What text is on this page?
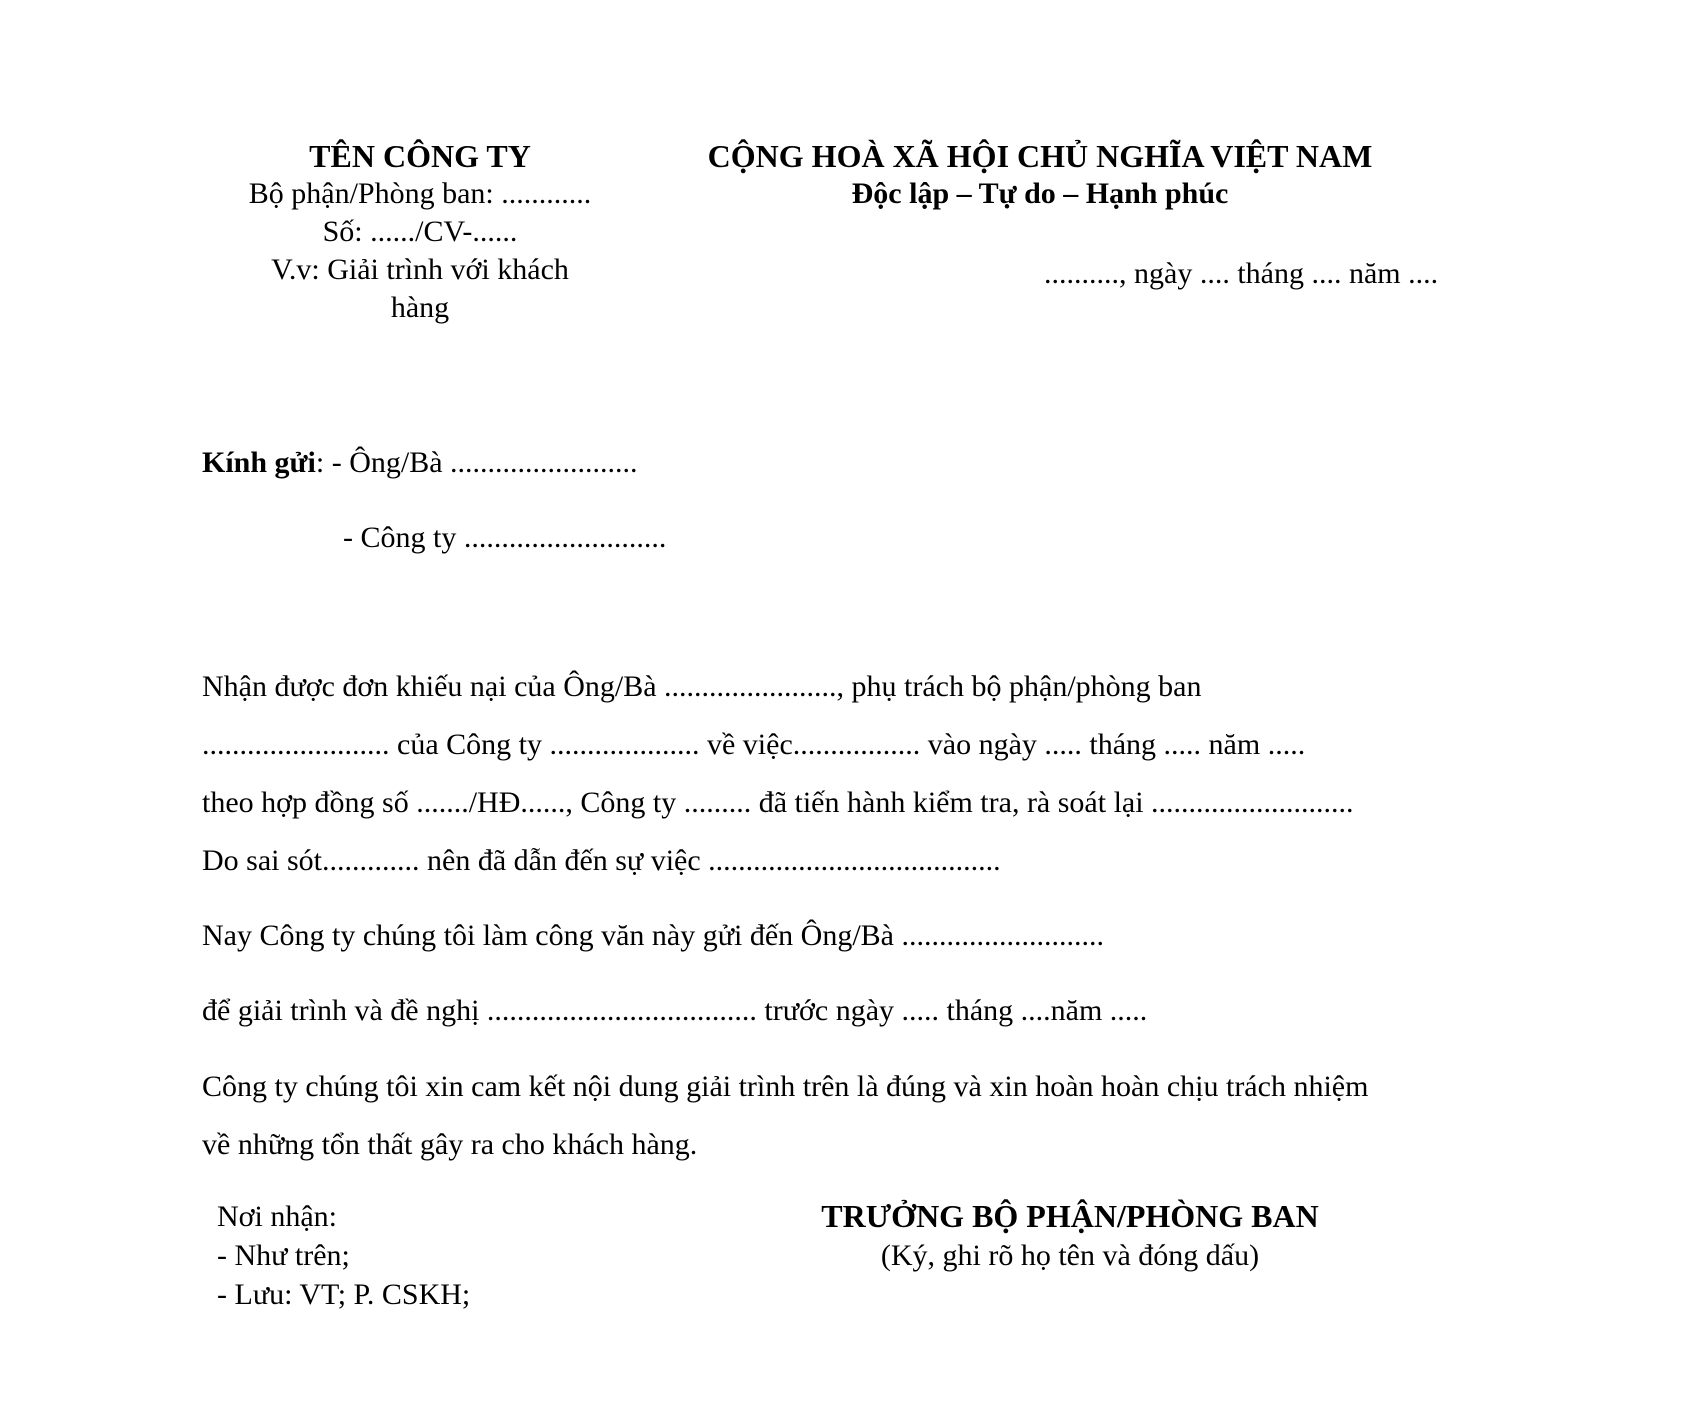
TÊN CÔNG TY
Bộ phận/Phòng ban: ............
Số: ....../CV-......
V.v: Giải trình với khách
hàng
CỘNG HOÀ XÃ HỘI CHỦ NGHĨA VIỆT NAM
Độc lập – Tự do – Hạnh phúc
.........., ngày .... tháng .... năm ....
Kính gửi: - Ông/Bà .........................
- Công ty ...........................
Nhận được đơn khiếu nại của Ông/Bà ......................., phụ trách bộ phận/phòng ban
......................... của Công ty .................... về việc................. vào ngày ..... tháng ..... năm .....
theo hợp đồng số ......./HĐ......, Công ty ......... đã tiến hành kiểm tra, rà soát lại ...........................
Do sai sót............. nên đã dẫn đến sự việc .......................................
Nay Công ty chúng tôi làm công văn này gửi đến Ông/Bà ...........................
để giải trình và đề nghị .................................... trước ngày ..... tháng ....năm .....
Công ty chúng tôi xin cam kết nội dung giải trình trên là đúng và xin hoàn hoàn chịu trách nhiệm
về những tổn thất gây ra cho khách hàng.
Nơi nhận:
- Như trên;
- Lưu: VT; P. CSKH;
TRƯỞNG BỘ PHẬN/PHÒNG BAN
(Ký, ghi rõ họ tên và đóng dấu)
